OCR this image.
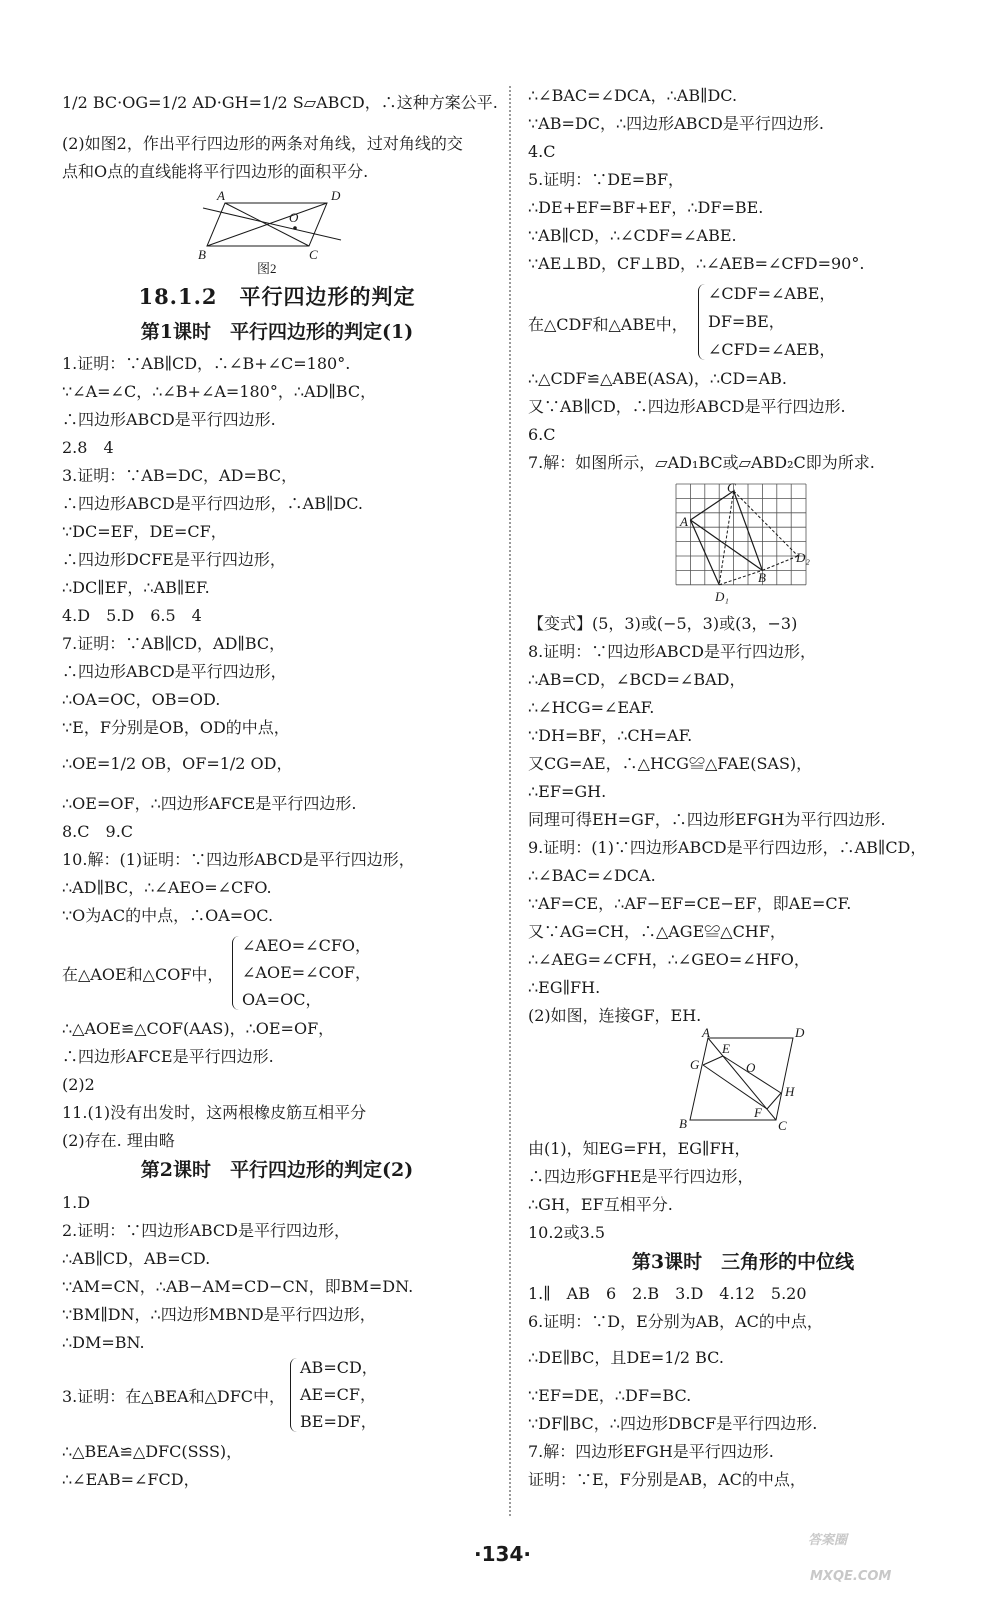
1/2 BC·OG=1/2 AD·GH=1/2 S▱ABCD，∴这种方案公平.
(2)如图2，作出平行四边形的两条对角线，过对角线的交
点和O点的直线能将平行四边形的面积平分.
A	D
B	C
O
图2
18.1.2　平行四边形的判定
第1课时　平行四边形的判定(1)
1.证明：∵AB∥CD，∴∠B+∠C=180°.
∵∠A=∠C，∴∠B+∠A=180°，∴AD∥BC，
∴四边形ABCD是平行四边形.
2.8　4
3.证明：∵AB=DC，AD=BC，
∴四边形ABCD是平行四边形，∴AB∥DC.
∵DC=EF，DE=CF，
∴四边形DCFE是平行四边形，
∴DC∥EF，∴AB∥EF.
4.D　5.D　6.5　4
7.证明：∵AB∥CD，AD∥BC，
∴四边形ABCD是平行四边形，
∴OA=OC，OB=OD.
∵E，F分别是OB，OD的中点，
∴OE=1/2 OB，OF=1/2 OD，
∴OE=OF，∴四边形AFCE是平行四边形.
8.C　9.C
10.解：(1)证明：∵四边形ABCD是平行四边形，
∴AD∥BC，∴∠AEO=∠CFO.
∵O为AC的中点，∴OA=OC.
在△AOE和△COF中，
∠AEO=∠CFO，
∠AOE=∠COF，
OA=OC，
∴△AOE≌△COF(AAS)，∴OE=OF，
∴四边形AFCE是平行四边形.
(2)2
11.(1)没有出发时，这两根橡皮筋互相平分
(2)存在. 理由略
第2课时　平行四边形的判定(2)
1.D
2.证明：∵四边形ABCD是平行四边形，
∴AB∥CD，AB=CD.
∵AM=CN，∴AB−AM=CD−CN，即BM=DN.
∵BM∥DN，∴四边形MBND是平行四边形，
∴DM=BN.
3.证明：在△BEA和△DFC中，
AB=CD，
AE=CF，
BE=DF，
∴△BEA≌△DFC(SSS)，
∴∠EAB=∠FCD，
∴∠BAC=∠DCA，∴AB∥DC.
∵AB=DC，∴四边形ABCD是平行四边形.
4.C
5.证明：∵DE=BF，
∴DE+EF=BF+EF，∴DF=BE.
∵AB∥CD，∴∠CDF=∠ABE.
∵AE⊥BD，CF⊥BD，∴∠AEB=∠CFD=90°.
在△CDF和△ABE中，
∠CDF=∠ABE，
DF=BE，
∠CFD=∠AEB，
∴△CDF≌△ABE(ASA)，∴CD=AB.
又∵AB∥CD，∴四边形ABCD是平行四边形.
6.C
7.解：如图所示，▱AD₁BC或▱ABD₂C即为所求.
C
A
B
D₁
D₂
【变式】(5，3)或(−5，3)或(3，−3)
8.证明：∵四边形ABCD是平行四边形，
∴AB=CD，∠BCD=∠BAD，
∴∠HCG=∠EAF.
∵DH=BF，∴CH=AF.
又CG=AE，∴△HCG≌△FAE(SAS)，
∴EF=GH.
同理可得EH=GF，∴四边形EFGH为平行四边形.
9.证明：(1)∵四边形ABCD是平行四边形，∴AB∥CD，
∴∠BAC=∠DCA.
∵AF=CE，∴AF−EF=CE−EF，即AE=CF.
又∵AG=CH，∴△AGE≌△CHF，
∴∠AEG=∠CFH，∴∠GEO=∠HFO，
∴EG∥FH.
(2)如图，连接GF，EH.
A	D
G
E
O
H
B
F
C
由(1)，知EG=FH，EG∥FH，
∴四边形GFHE是平行四边形，
∴GH，EF互相平分.
10.2或3.5
第3课时　三角形的中位线
1.∥　AB　6　2.B　3.D　4.12　5.20
6.证明：∵D，E分别为AB，AC的中点，
∴DE∥BC，且DE=1/2 BC.
∵EF=DE，∴DF=BC.
∵DF∥BC，∴四边形DBCF是平行四边形.
7.解：四边形EFGH是平行四边形.
证明：∵E，F分别是AB，AC的中点，
·134·
答案圈
MXQE.COM
